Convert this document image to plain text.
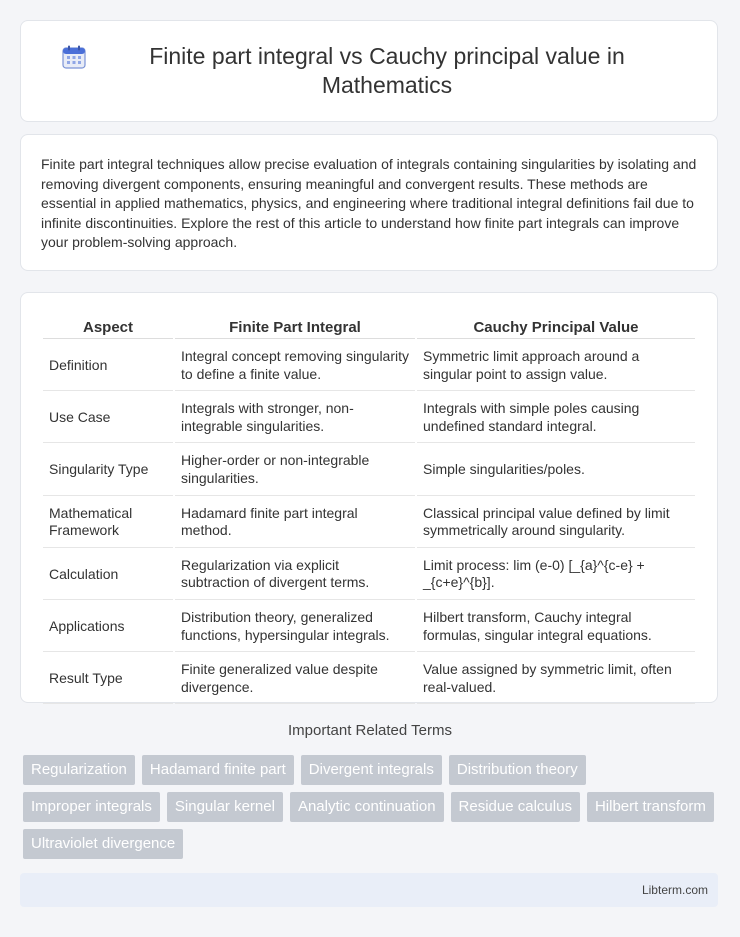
Finite part integral vs Cauchy principal value in Mathematics

Finite part integral techniques allow precise evaluation of integrals containing singularities by isolating and removing divergent components, ensuring meaningful and convergent results. These methods are essential in applied mathematics, physics, and engineering where traditional integral definitions fail due to infinite discontinuities. Explore the rest of this article to understand how finite part integrals can improve your problem-solving approach.

Aspect	Finite Part Integral	Cauchy Principal Value
Definition	Integral concept removing singularity to define a finite value.	Symmetric limit approach around a singular point to assign value.
Use Case	Integrals with stronger, non-integrable singularities.	Integrals with simple poles causing undefined standard integral.
Singularity Type	Higher-order or non-integrable singularities.	Simple singularities/poles.
Mathematical Framework	Hadamard finite part integral method.	Classical principal value defined by limit symmetrically around singularity.
Calculation	Regularization via explicit subtraction of divergent terms.	Limit process: lim (e-0) [_{a}^{c-e} + _{c+e}^{b}].
Applications	Distribution theory, generalized functions, hypersingular integrals.	Hilbert transform, Cauchy integral formulas, singular integral equations.
Result Type	Finite generalized value despite divergence.	Value assigned by symmetric limit, often real-valued.
Important Related Terms
Regularization	Hadamard finite part	Divergent integrals	Distribution theory
Improper integrals	Singular kernel	Analytic continuation	Residue calculus	Hilbert transform
Ultraviolet divergence
Libterm.com
